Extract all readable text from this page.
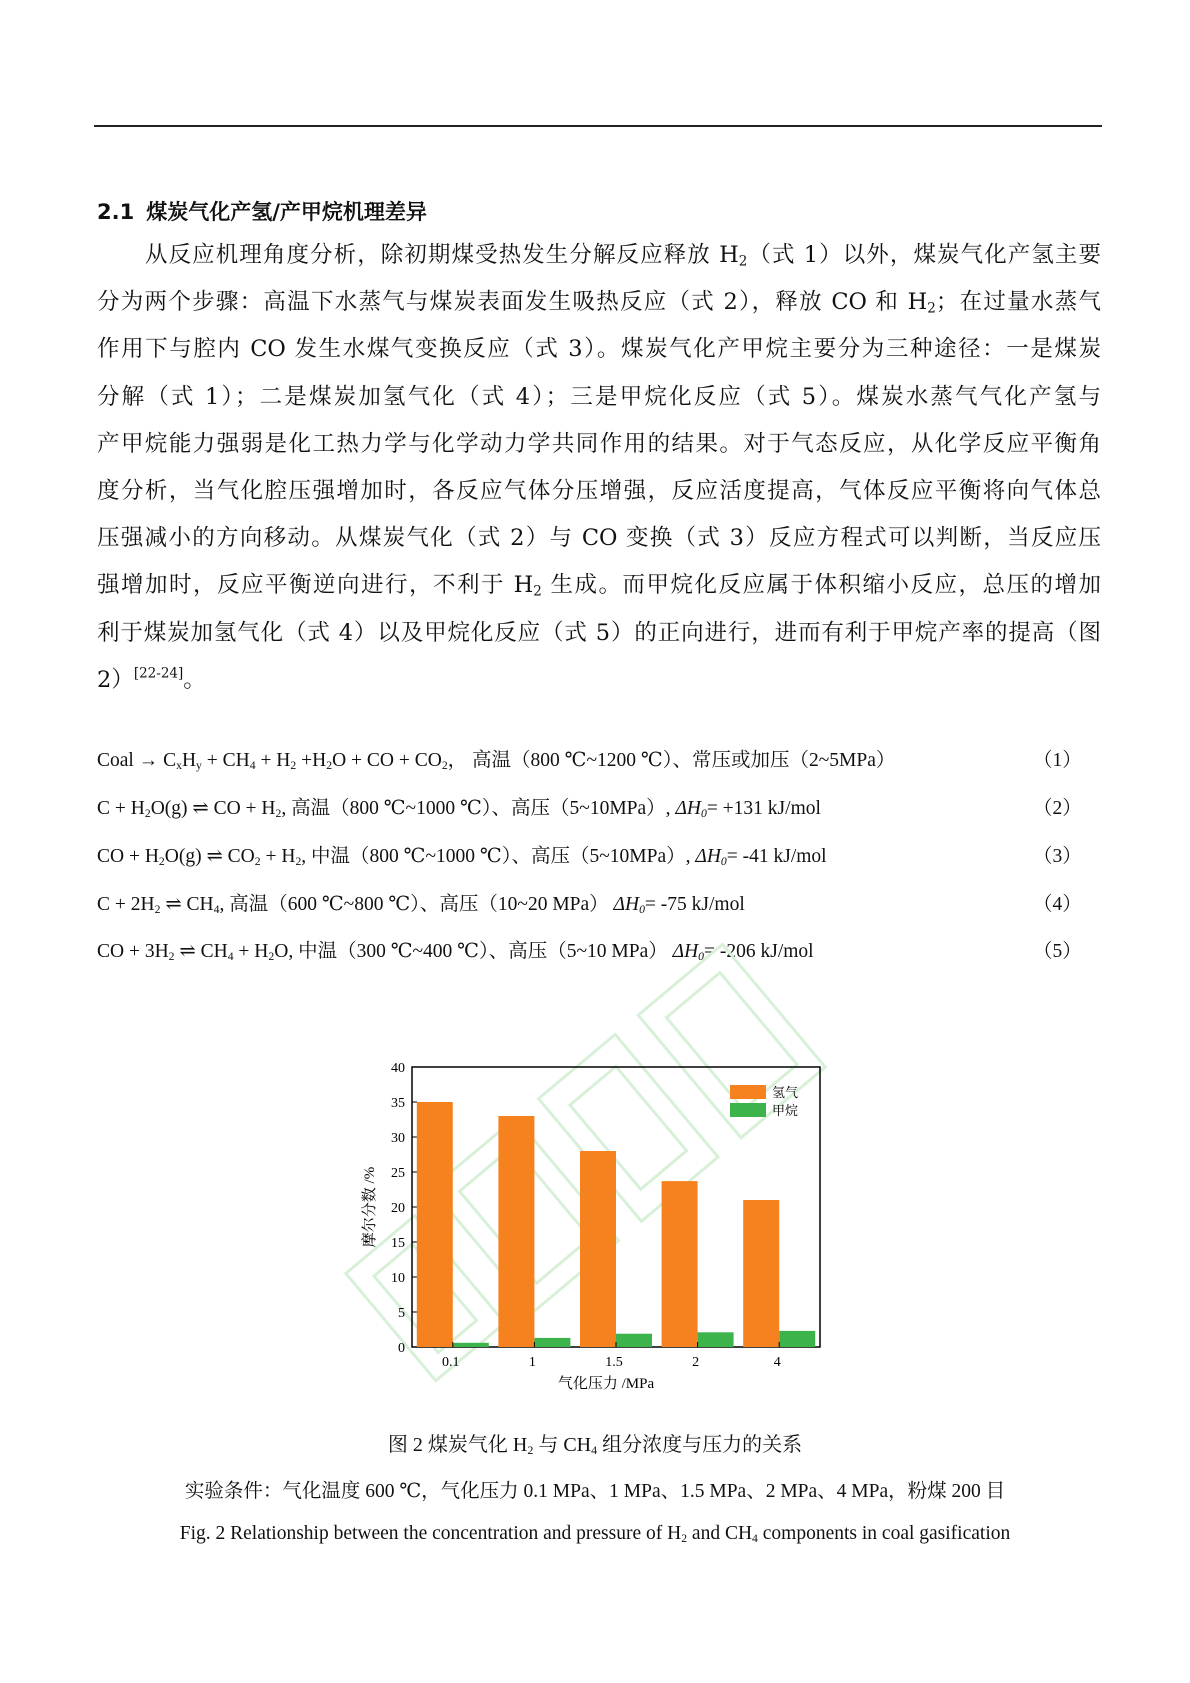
2.1 煤炭气化产氢/产甲烷机理差异

从反应机理角度分析，除初期煤受热发生分解反应释放 $H_2$（式 1）以外，煤炭气化产氢主要
分为两个步骤：高温下水蒸气与煤炭表面发生吸热反应（式 2），释放 CO 和 $H_2$；在过量水蒸气
作用下与腔内 CO 发生水煤气变换反应（式 3）。煤炭气化产甲烷主要分为三种途径：一是煤炭
分解（式 1）；二是煤炭加氢气化（式 4）；三是甲烷化反应（式 5）。煤炭水蒸气气化产氢与
产甲烷能力强弱是化工热力学与化学动力学共同作用的结果。对于气态反应，从化学反应平衡角
度分析，当气化腔压强增加时，各反应气体分压增强，反应活度提高，气体反应平衡将向气体总
压强减小的方向移动。从煤炭气化（式 2）与 CO 变换（式 3）反应方程式可以判断，当反应压
强增加时，反应平衡逆向进行，不利于 $H_2$ 生成。而甲烷化反应属于体积缩小反应，总压的增加
利于煤炭加氢气化（式 4）以及甲烷化反应（式 5）的正向进行，进而有利于甲烷产率的提高（图
2）[22-24]。

Coal → $C_xH_y + CH_4 + H_2 +H_2O$ + CO + $CO_2$， 高温（800 ℃~1200 ℃）、常压或加压（2~5MPa）	（1）
$C + H_2O(g)$ ⇌ CO + $H_2$, 高温（800 ℃~1000 ℃）、高压（5~10MPa）, $\Delta H_0= +131$ kJ/mol	（2）
CO + $H_2O(g)$ ⇌ $CO_2 + H_2$, 中温（800 ℃~1000 ℃）、高压（5~10MPa）, $\Delta H_0= -41$ kJ/mol	（3）
$C + 2H_2$ ⇌ $CH_4$, 高温（600 ℃~800 ℃）、高压（10~20 MPa） $\Delta H_0= -75$ kJ/mol	（4）
CO + $3H_2$ ⇌ $CH_4 + H_2O$, 中温（300 ℃~400 ℃）、高压（5~10 MPa） $\Delta H_0= -206$ kJ/mol	（5）
0
5
10
15
20
25
30
35
40
0.1	1	1.5	2	4
气化压力 /MPa
摩尔分数 /%
氢气
甲烷
图 2 煤炭气化 $H_2$ 与 $CH_4$ 组分浓度与压力的关系
实验条件：气化温度 600 ℃，气化压力 0.1 MPa、1 MPa、1.5 MPa、2 MPa、4 MPa，粉煤 200 目
Fig. 2 Relationship between the concentration and pressure of $H_2$ and $CH_4$ components in coal gasification
